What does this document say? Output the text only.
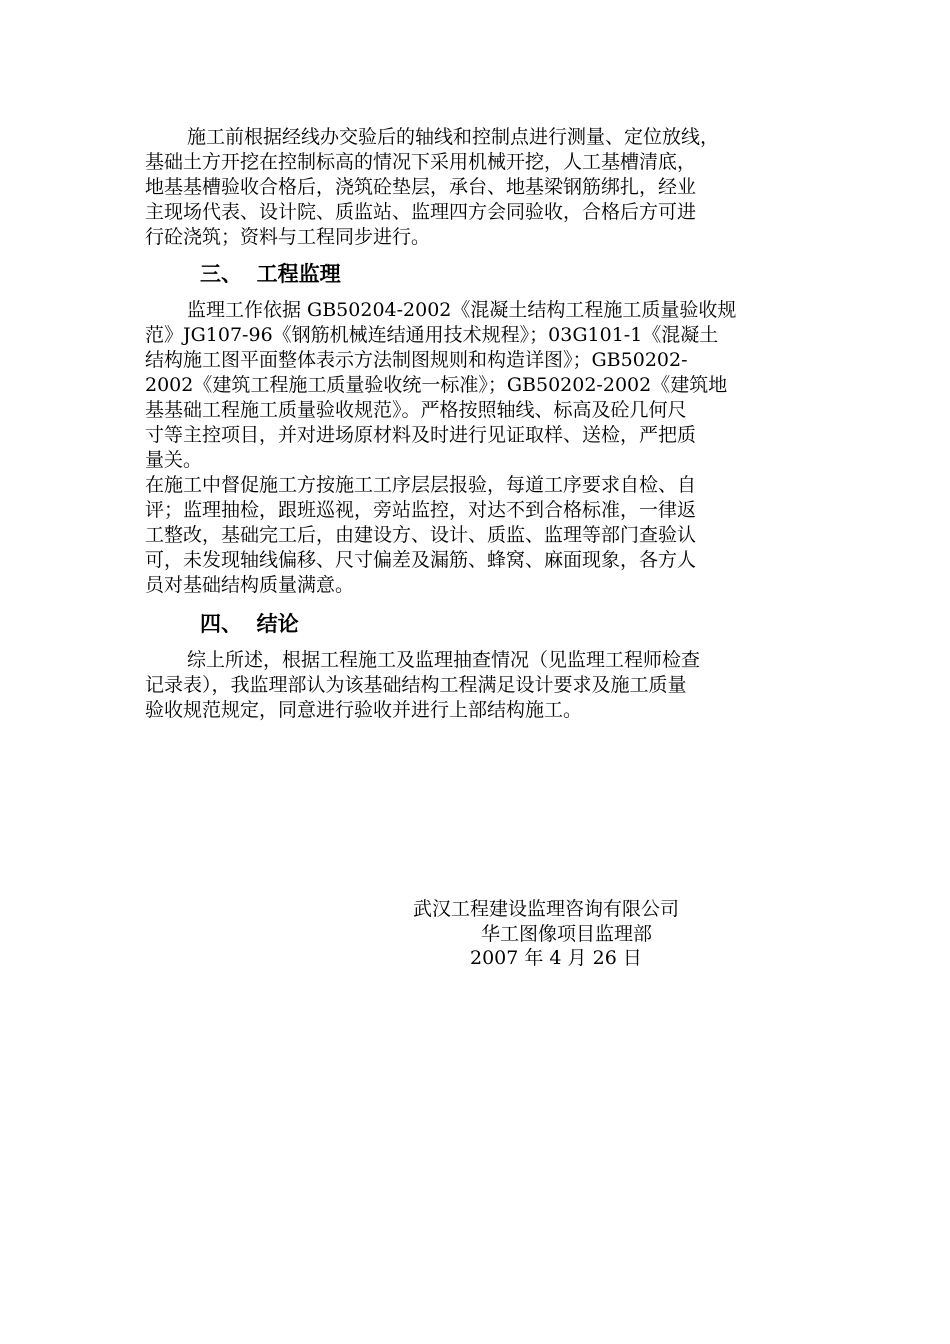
施工前根据经线办交验后的轴线和控制点进行测量、定位放线，
基础土方开挖在控制标高的情况下采用机械开挖，人工基槽清底，
地基基槽验收合格后，浇筑砼垫层，承台、地基梁钢筋绑扎，经业
主现场代表、设计院、质监站、监理四方会同验收，合格后方可进
行砼浇筑；资料与工程同步进行。
三、  工程监理
监理工作依据 GB50204-2002《混凝土结构工程施工质量验收规
范》JG107-96《钢筋机械连结通用技术规程》；03G101-1《混凝土
结构施工图平面整体表示方法制图规则和构造详图》；GB50202-
2002《建筑工程施工质量验收统一标准》；GB50202-2002《建筑地
基基础工程施工质量验收规范》。严格按照轴线、标高及砼几何尺
寸等主控项目，并对进场原材料及时进行见证取样、送检，严把质
量关。
在施工中督促施工方按施工工序层层报验，每道工序要求自检、自
评；监理抽检，跟班巡视，旁站监控，对达不到合格标准，一律返
工整改，基础完工后，由建设方、设计、质监、监理等部门查验认
可，未发现轴线偏移、尺寸偏差及漏筋、蜂窝、麻面现象，各方人
员对基础结构质量满意。
四、  结论
综上所述，根据工程施工及监理抽查情况（见监理工程师检查
记录表），我监理部认为该基础结构工程满足设计要求及施工质量
验收规范规定，同意进行验收并进行上部结构施工。
武汉工程建设监理咨询有限公司
华工图像项目监理部
2007 年 4 月 26 日
